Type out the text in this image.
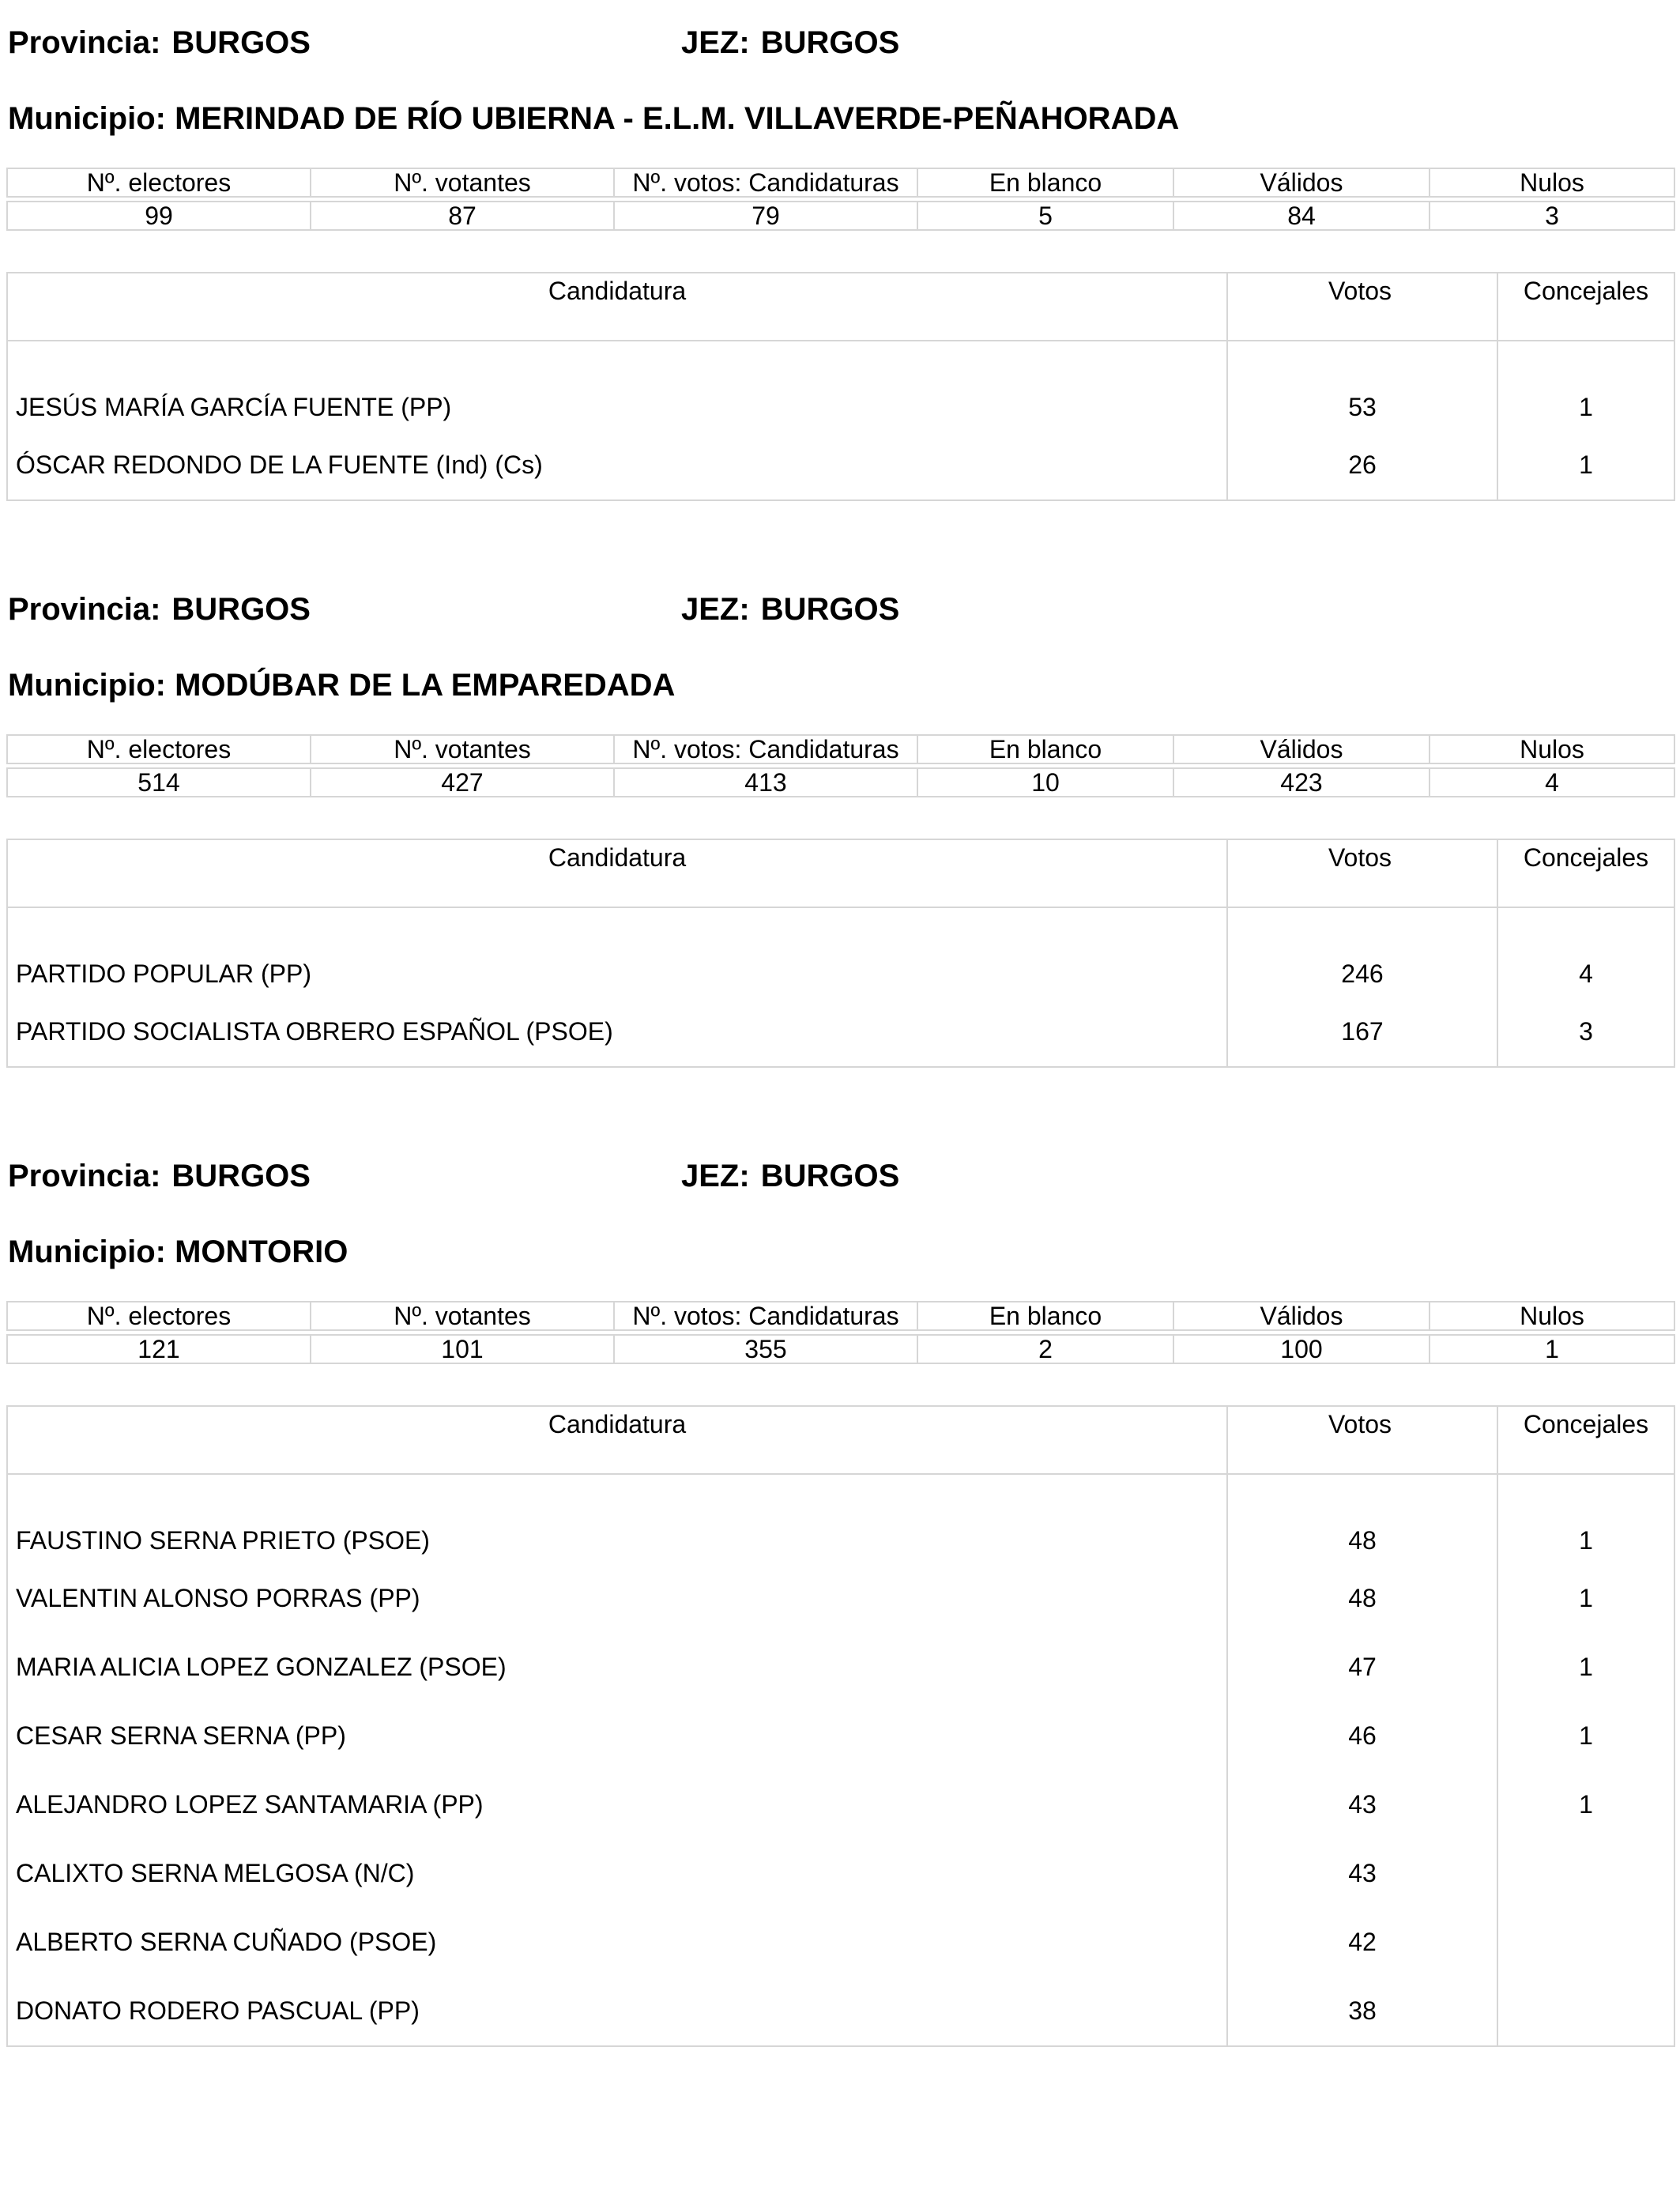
Provincia: BURGOS	JEZ: BURGOS
Municipio: MERINDAD DE RÍO UBIERNA - E.L.M. VILLAVERDE-PEÑAHORADA
Nº. electores	Nº. votantes	Nº. votos: Candidaturas	En blanco	Válidos	Nulos

99	87	79	5	84	3
Candidatura	Votos	Concejales
JESÚS MARÍA GARCÍA FUENTE (PP)	53	1
ÓSCAR REDONDO DE LA FUENTE (Ind) (Cs)	26	1
Provincia: BURGOS	JEZ: BURGOS
Municipio: MODÚBAR DE LA EMPAREDADA
Nº. electores	Nº. votantes	Nº. votos: Candidaturas	En blanco	Válidos	Nulos

514	427	413	10	423	4
Candidatura	Votos	Concejales
PARTIDO POPULAR (PP)	246	4
PARTIDO SOCIALISTA OBRERO ESPAÑOL (PSOE)	167	3
Provincia: BURGOS	JEZ: BURGOS
Municipio: MONTORIO
Nº. electores	Nº. votantes	Nº. votos: Candidaturas	En blanco	Válidos	Nulos

121	101	355	2	100	1
Candidatura	Votos	Concejales
FAUSTINO SERNA PRIETO (PSOE)	48	1
VALENTIN ALONSO PORRAS (PP)	48	1
MARIA ALICIA LOPEZ GONZALEZ (PSOE)	47	1
CESAR SERNA SERNA (PP)	46	1
ALEJANDRO LOPEZ SANTAMARIA (PP)	43	1
CALIXTO SERNA MELGOSA (N/C)	43	
ALBERTO SERNA CUÑADO (PSOE)	42	
DONATO RODERO PASCUAL (PP)	38	
